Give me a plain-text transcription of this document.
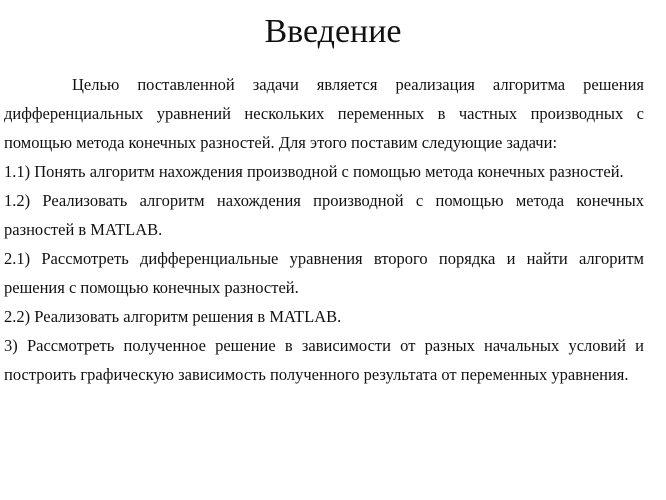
Введение

Целью поставленной задачи является реализация алгоритма решения дифференциальных уравнений нескольких переменных в частных производных с помощью метода конечных разностей. Для этого поставим следующие задачи:

1.1) Понять алгоритм нахождения производной с помощью метода конечных разностей.

1.2) Реализовать алгоритм нахождения производной с помощью метода конечных разностей в MATLAB.

2.1) Рассмотреть дифференциальные уравнения второго порядка и найти алгоритм решения с помощью конечных разностей.

2.2) Реализовать алгоритм решения в MATLAB.

3) Рассмотреть полученное решение в зависимости от разных начальных условий и построить графическую зависимость полученного результата от переменных уравнения.
